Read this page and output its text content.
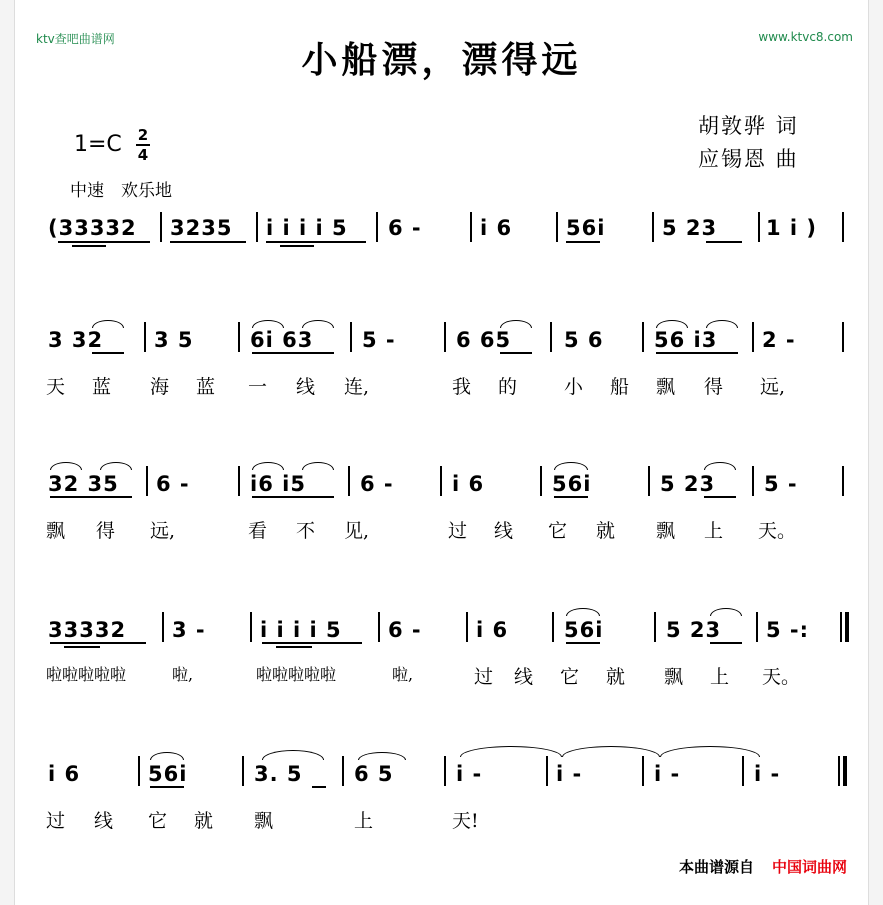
ktv查吧曲谱网	www.ktvc8.com
小船漂，漂得远
胡敦骅 词
应锡恩 曲
1=C 2
4
中速　欢乐地
(33332 3235 i i i i 5 6 -	i 6	56i	5 23 1 i )
3 32 3 5	6i 63 5 -	6 65	5 6 56 i3 2 -
天 蓝 海 蓝 一 线 连,	我 的 小 船 飘 得 远,
32 35 6 -	i6 i5	6 -	i 6	56i	5 23 5 -
飘 得 远,	看 不 见,	过 线 它 就 飘 上 天。
33332 3 -	i i i i 5 6 -	i 6	56i	5 23 5 -:
啦啦啦啦啦	啦,	啦啦啦啦啦	啦,	过 线 它 就 飘 上 天。
i 6	56i	3. 5 6 5	i -	i -	i -	i -
过 线 它 就 飘	上	天!
本曲谱源自 中国词曲网
